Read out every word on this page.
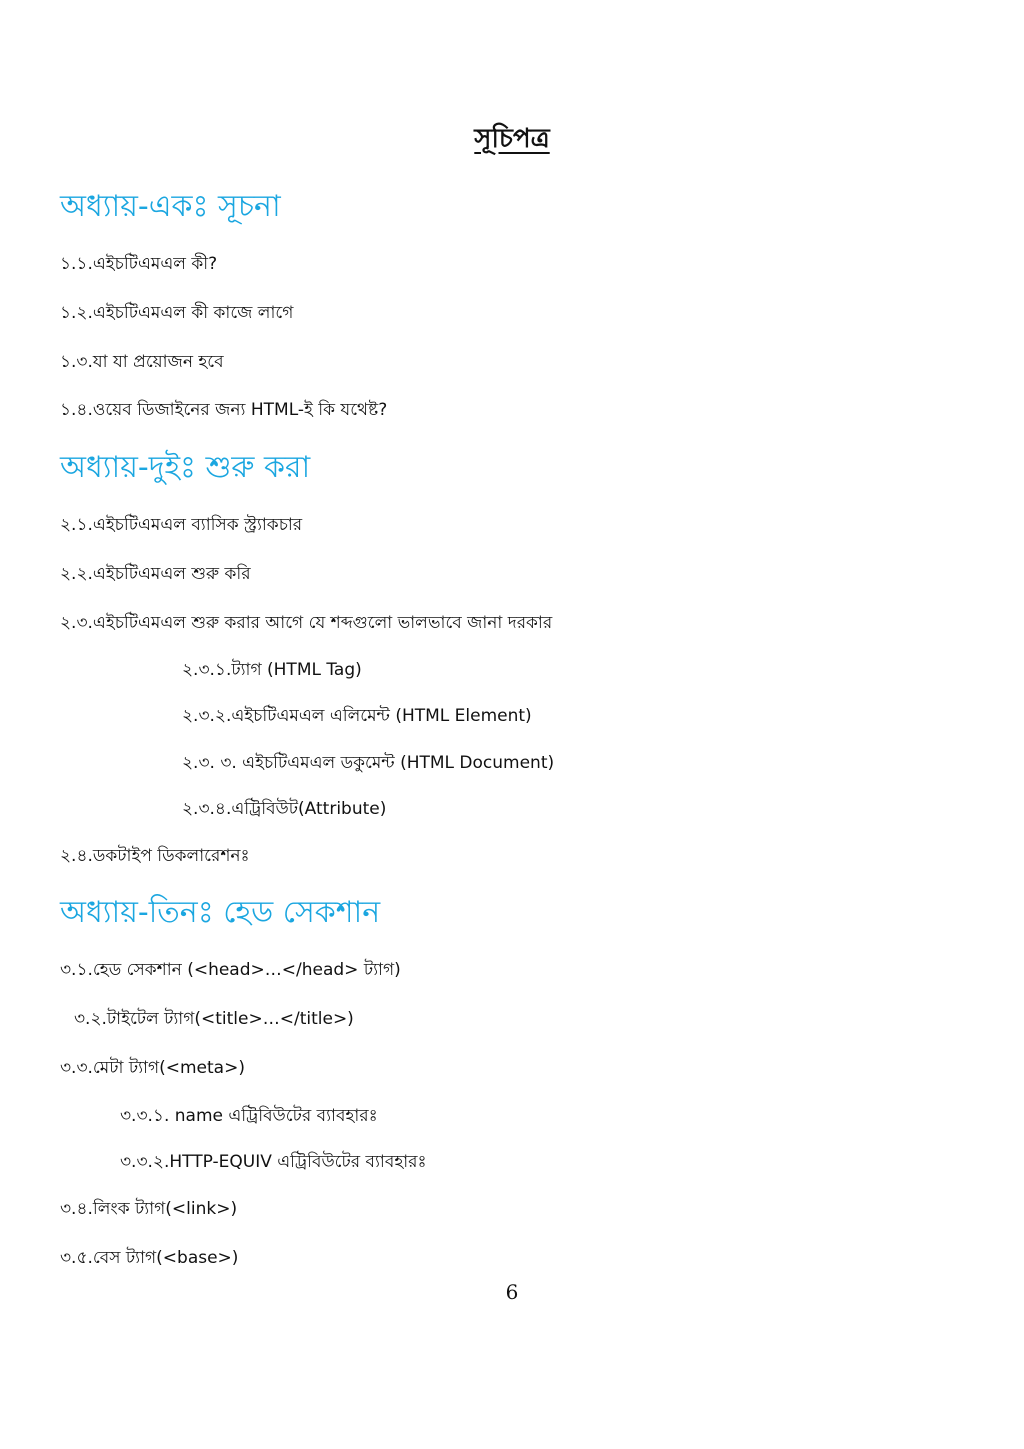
সূচিপত্র
অধ্যায়-একঃ সূচনা
১.১.এইচটিএমএল কী?
১.২.এইচটিএমএল কী কাজে লাগে
১.৩.যা যা প্রয়োজন হবে
১.৪.ওয়েব ডিজাইনের জন্য HTML-ই কি যথেষ্ট?
অধ্যায়-দুইঃ শুরু করা
২.১.এইচটিএমএল ব্যাসিক স্ট্র্যাকচার
২.২.এইচটিএমএল শুরু করি
২.৩.এইচটিএমএল শুরু করার আগে যে শব্দগুলো ভালভাবে জানা দরকার
২.৩.১.ট্যাগ (HTML Tag)
২.৩.২.এইচটিএমএল এলিমেন্ট (HTML Element)
২.৩. ৩. এইচটিএমএল ডকুমেন্ট (HTML Document)
২.৩.৪.এট্রিবিউট(Attribute)
২.৪.ডকটাইপ ডিকলারেশনঃ
অধ্যায়-তিনঃ হেড সেকশান
৩.১.হেড সেকশান (<head>…</head> ট্যাগ)
৩.২.টাইটেল ট্যাগ(<title>…</title>)
৩.৩.মেটা ট্যাগ(<meta>)
৩.৩.১. name এট্রিবিউটের ব্যাবহারঃ
৩.৩.২.HTTP-EQUIV এট্রিবিউটের ব্যাবহারঃ
৩.৪.লিংক ট্যাগ(<link>)
৩.৫.বেস ট্যাগ(<base>)
6
